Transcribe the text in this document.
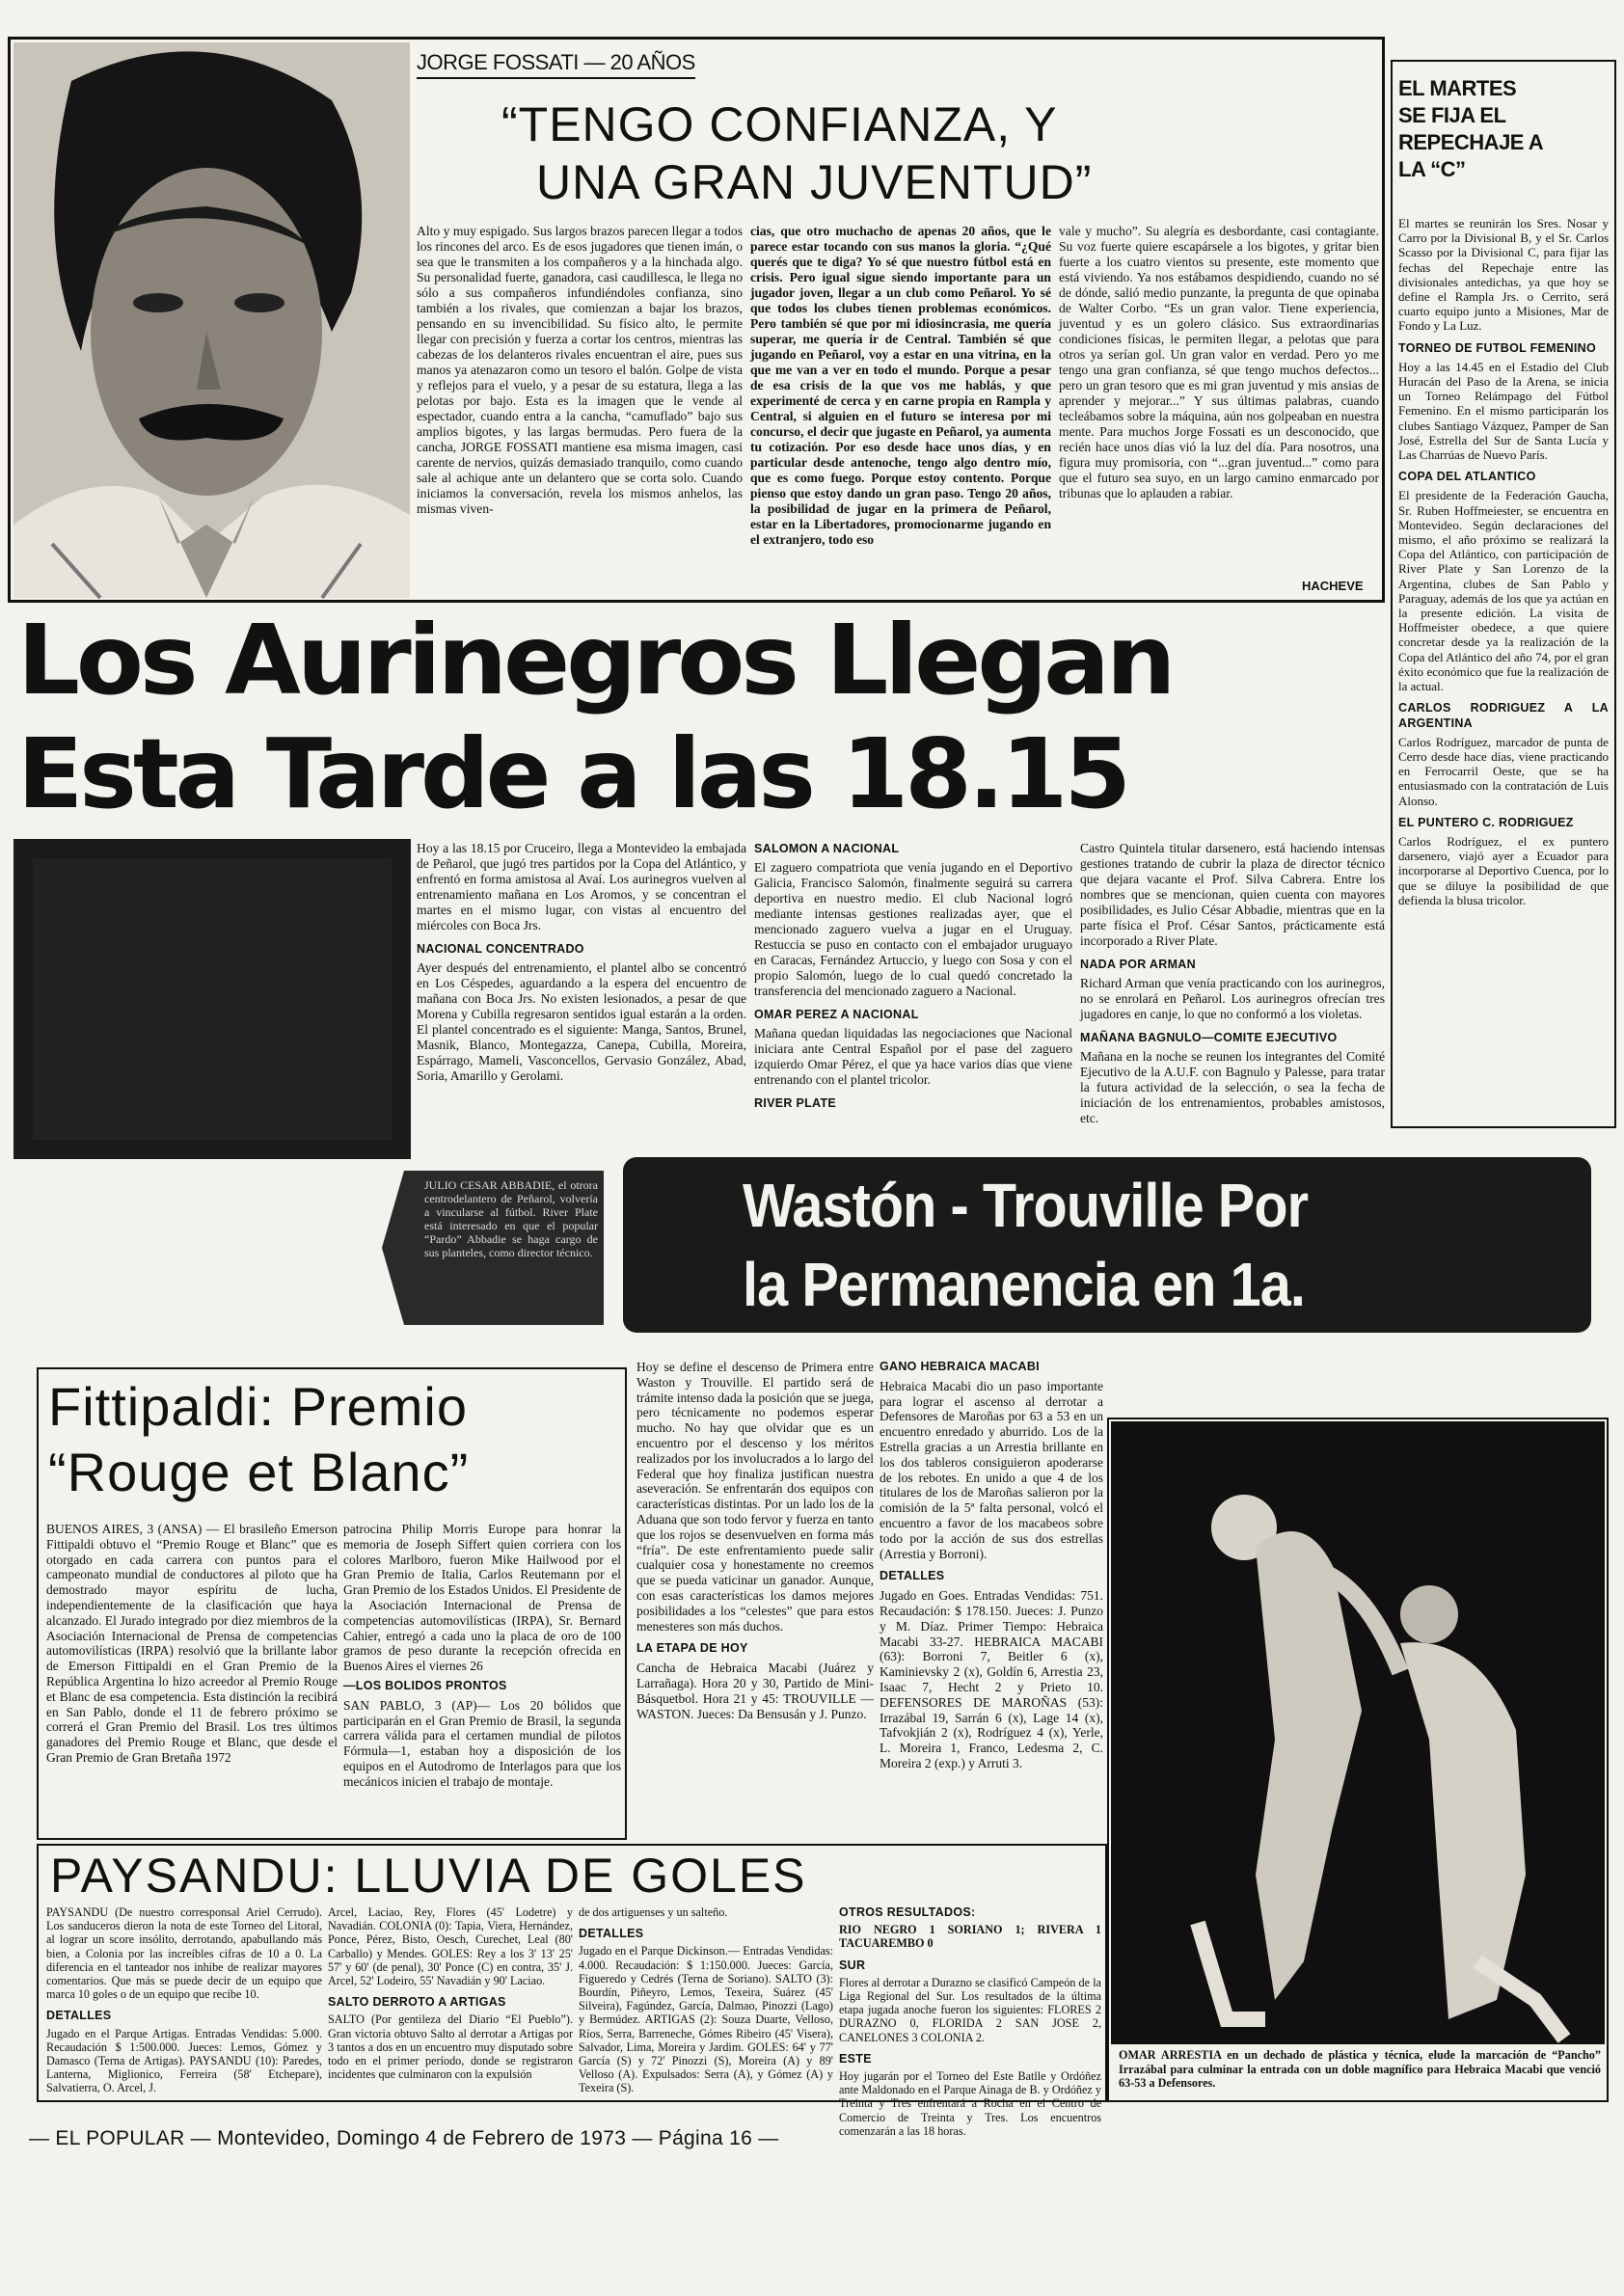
JORGE FOSSATI — 20 AÑOS
“TENGO CONFIANZA, Y
UNA GRAN JUVENTUD”

Alto y muy espigado. Sus largos brazos parecen llegar a todos los rincones del arco. Es de esos jugadores que tienen imán, o sea que le transmiten a los compañeros y a la hinchada algo. Su personalidad fuerte, ganadora, casi caudillesca, le llega no sólo a sus compañeros infundiéndoles confianza, sino también a los rivales, que comienzan a bajar los brazos, pensando en su invencibilidad. Su físico alto, le permite llegar con precisión y fuerza a cortar los centros, mientras las cabezas de los delanteros rivales encuentran el aire, pues sus manos ya atenazaron como un tesoro el balón. Golpe de vista y reflejos para el vuelo, y a pesar de su estatura, llega a las pelotas por bajo. Esta es la imagen que le vende al espectador, cuando entra a la cancha, “camuflado” bajo sus amplios bigotes, y las largas bermudas. Pero fuera de la cancha, JORGE FOSSATI mantiene esa misma imagen, casi carente de nervios, quizás demasiado tranquilo, como cuando sale al achique ante un delantero que se corta solo. Cuando iniciamos la conversación, revela los mismos anhelos, las mismas viven-

cias, que otro muchacho de apenas 20 años, que le parece estar tocando con sus manos la gloria. “¿Qué querés que te diga? Yo sé que nuestro fútbol está en crisis. Pero igual sigue siendo importante para un jugador joven, llegar a un club como Peñarol. Yo sé que todos los clubes tienen problemas económicos. Pero también sé que por mi idiosincrasia, me quería superar, me quería ir de Central. También sé que jugando en Peñarol, voy a estar en una vitrina, en la que me van a ver en todo el mundo. Porque a pesar de esa crisis de la que vos me hablás, y que experimenté de cerca y en carne propia en Rampla y Central, si alguien en el futuro se interesa por mi concurso, el decir que jugaste en Peñarol, ya aumenta tu cotización. Por eso desde hace unos días, y en particular desde antenoche, tengo algo dentro mío, que es como fuego. Porque estoy contento. Porque pienso que estoy dando un gran paso. Tengo 20 años, la posibilidad de jugar en la primera de Peñarol, estar en la Libertadores, promocionarme jugando en el extranjero, todo eso

vale y mucho”. Su alegría es desbordante, casi contagiante. Su voz fuerte quiere escapársele a los bigotes, y gritar bien fuerte a los cuatro vientos su presente, este momento que está viviendo. Ya nos estábamos despidiendo, cuando no sé de dónde, salió medio punzante, la pregunta de que opinaba de Walter Corbo. “Es un gran valor. Tiene experiencia, juventud y es un golero clásico. Sus extraordinarias condiciones físicas, le permiten llegar, a pelotas que para otros ya serían gol. Un gran valor en verdad. Pero yo me tengo una gran confianza, sé que tengo muchos defectos... pero un gran tesoro que es mi gran juventud y mis ansias de aprender y mejorar...” Y sus últimas palabras, cuando tecleábamos sobre la máquina, aún nos golpeaban en nuestra mente. Para muchos Jorge Fossati es un desconocido, que recién hace unos días vió la luz del día. Para nosotros, una figura muy promisoria, con “...gran juventud...” como para que el futuro sea suyo, en un largo camino enmarcado por tribunas que lo aplauden a rabiar.

HACHEVE
EL MARTES SE FIJA EL REPECHAJE A LA “C”

El martes se reunirán los Sres. Nosar y Carro por la Divisional B, y el Sr. Carlos Scasso por la Divisional C, para fijar las fechas del Repechaje entre las divisionales antedichas, ya que hoy se define el Rampla Jrs. o Cerrito, será cuarto equipo junto a Misiones, Mar de Fondo y La Luz.

TORNEO DE FUTBOL FEMENINO

Hoy a las 14.45 en el Estadio del Club Huracán del Paso de la Arena, se inicia un Torneo Relámpago del Fútbol Femenino. En el mismo participarán los clubes Santiago Vázquez, Pamper de San José, Estrella del Sur de Santa Lucía y Las Charrúas de Nuevo París.

COPA DEL ATLANTICO

El presidente de la Federación Gaucha, Sr. Ruben Hoffmeiester, se encuentra en Montevideo. Según declaraciones del mismo, el año próximo se realizará la Copa del Atlántico, con participación de River Plate y San Lorenzo de la Argentina, clubes de San Pablo y Paraguay, además de los que ya actúan en la presente edición. La visita de Hoffmeister obedece, a que quiere concretar desde ya la realización de la Copa del Atlántico del año 74, por el gran éxito económico que fue la realización de la actual.

CARLOS RODRIGUEZ A LA ARGENTINA

Carlos Rodríguez, marcador de punta de Cerro desde hace días, viene practicando en Ferrocarril Oeste, que se ha entusiasmado con la contratación de Luis Alonso.

EL PUNTERO C. RODRIGUEZ

Carlos Rodríguez, el ex puntero darsenero, viajó ayer a Ecuador para incorporarse al Deportivo Cuenca, por lo que se diluye la posibilidad de que defienda la blusa tricolor.

Los Aurinegros Llegan
Esta Tarde a las 18.15

Hoy a las 18.15 por Cruceiro, llega a Montevideo la embajada de Peñarol, que jugó tres partidos por la Copa del Atlántico, y enfrentó en forma amistosa al Avaí. Los aurinegros vuelven al entrenamiento mañana en Los Aromos, y se concentran el martes en el mismo lugar, con vistas al encuentro del miércoles con Boca Jrs.

NACIONAL CONCENTRADO

Ayer después del entrenamiento, el plantel albo se concentró en Los Céspedes, aguardando a la espera del encuentro de mañana con Boca Jrs. No existen lesionados, a pesar de que Morena y Cubilla regresaron sentidos igual estarán a la orden. El plantel concentrado es el siguiente: Manga, Santos, Brunel, Masnik, Blanco, Montegazza, Canepa, Cubilla, Moreira, Espárrago, Mameli, Vasconcellos, Gervasio González, Abad, Soria, Amarillo y Gerolami.

SALOMON A NACIONAL

El zaguero compatriota que venía jugando en el Deportivo Galicia, Francisco Salomón, finalmente seguirá su carrera deportiva en nuestro medio. El club Nacional logró mediante intensas gestiones realizadas ayer, que el mencionado zaguero vuelva a jugar en el Uruguay. Restuccia se puso en contacto con el embajador uruguayo en Caracas, Fernández Artuccio, y luego con Sosa y con el propio Salomón, luego de lo cual quedó concretado la transferencia del mencionado zaguero a Nacional.

OMAR PEREZ A NACIONAL

Mañana quedan liquidadas las negociaciones que Nacional iniciara ante Central Español por el pase del zaguero izquierdo Omar Pérez, el que ya hace varios días que viene entrenando con el plantel tricolor.

RIVER PLATE

Castro Quintela titular darsenero, está haciendo intensas gestiones tratando de cubrir la plaza de director técnico que dejara vacante el Prof. Silva Cabrera. Entre los nombres que se mencionan, quien cuenta con mayores posibilidades, es Julio César Abbadie, mientras que en la parte física el Prof. César Santos, prácticamente está incorporado a River Plate.

NADA POR ARMAN

Richard Arman que venía practicando con los aurinegros, no se enrolará en Peñarol. Los aurinegros ofrecían tres jugadores en canje, lo que no conformó a los violetas.

MAÑANA BAGNULO—COMITE EJECUTIVO

Mañana en la noche se reunen los integrantes del Comité Ejecutivo de la A.U.F. con Bagnulo y Palesse, para tratar la futura actividad de la selección, o sea la fecha de iniciación de los entrenamientos, probables amistosos, etc.

JULIO CESAR ABBADIE, el otrora centrodelantero de Peñarol, volvería a vincularse al fútbol. River Plate está interesado en que el popular “Pardo” Abbadie se haga cargo de sus planteles, como director técnico.

Wastón - Trouville Por
la Permanencia en 1a.
Fittipaldi: Premio
“Rouge et Blanc”

BUENOS AIRES, 3 (ANSA) — El brasileño Emerson Fittipaldi obtuvo el “Premio Rouge et Blanc” que es otorgado en cada carrera con puntos para el campeonato mundial de conductores al piloto que ha demostrado mayor espíritu de lucha, independientemente de la clasificación que haya alcanzado. El Jurado integrado por diez miembros de la Asociación Internacional de Prensa de competencias automovilísticas (IRPA) resolvió que la brillante labor de Emerson Fittipaldi en el Gran Premio de la República Argentina lo hizo acreedor al Premio Rouge et Blanc de esa competencia. Esta distinción la recibirá en San Pablo, donde el 11 de febrero próximo se correrá el Gran Premio del Brasil. Los tres últimos ganadores del Premio Rouge et Blanc, que desde el Gran Premio de Gran Bretaña 1972

patrocina Philip Morris Europe para honrar la memoria de Joseph Siffert quien corriera con los colores Marlboro, fueron Mike Hailwood por el Gran Premio de Italia, Carlos Reutemann por el Gran Premio de los Estados Unidos. El Presidente de la Asociación Internacional de Prensa de competencias automovilísticas (IRPA), Sr. Bernard Cahier, entregó a cada uno la placa de oro de 100 gramos de peso durante la recepción ofrecida en Buenos Aires el viernes 26

—LOS BOLIDOS PRONTOS

SAN PABLO, 3 (AP)— Los 20 bólidos que participarán en el Gran Premio de Brasil, la segunda carrera válida para el certamen mundial de pilotos Fórmula—1, estaban hoy a disposición de los equipos en el Autodromo de Interlagos para que los mecánicos inicien el trabajo de montaje.

Hoy se define el descenso de Primera entre Waston y Trouville. El partido será de trámite intenso dada la posición que se juega, pero técnicamente no podemos esperar mucho. No hay que olvidar que es un encuentro por el descenso y los méritos realizados por los involucrados a lo largo del Federal que hoy finaliza justifican nuestra aseveración. Se enfrentarán dos equipos con características distintas. Por un lado los de la Aduana que son todo fervor y fuerza en tanto que los rojos se desenvuelven en forma más “fría”. De este enfrentamiento puede salir cualquier cosa y honestamente no creemos que se pueda vaticinar un ganador. Aunque, con esas características los damos mejores posibilidades a los “celestes” que para estos menesteres son más duchos.

LA ETAPA DE HOY

Cancha de Hebraica Macabi (Juárez y Larrañaga). Hora 20 y 30, Partido de Mini-Básquetbol. Hora 21 y 45: TROUVILLE — WASTON. Jueces: Da Bensusán y J. Punzo.

GANO HEBRAICA MACABI

Hebraica Macabi dio un paso importante para lograr el ascenso al derrotar a Defensores de Maroñas por 63 a 53 en un encuentro enredado y aburrido. Los de la Estrella gracias a un Arrestia brillante en los dos tableros consiguieron apoderarse de los rebotes. En unido a que 4 de los titulares de los de Maroñas salieron por la comisión de la 5ª falta personal, volcó el encuentro a favor de los macabeos sobre todo por la acción de sus dos estrellas (Arrestia y Borroni).

DETALLES

Jugado en Goes. Entradas Vendidas: 751. Recaudación: $ 178.150. Jueces: J. Punzo y M. Díaz. Primer Tiempo: Hebraica Macabi 33-27. HEBRAICA MACABI (63): Borroni 7, Beitler 6 (x), Kaminievsky 2 (x), Goldín 6, Arrestia 23, Isaac 7, Hecht 2 y Prieto 10. DEFENSORES DE MAROÑAS (53): Irrazábal 19, Sarrán 6 (x), Lage 14 (x), Tafvokjián 2 (x), Rodríguez 4 (x), Yerle, L. Moreira 1, Franco, Ledesma 2, C. Moreira 2 (exp.) y Arruti 3.

OMAR ARRESTIA en un dechado de plástica y técnica, elude la marcación de “Pancho” Irrazábal para culminar la entrada con un doble magnífico para Hebraica Macabi que venció 63-53 a Defensores.

PAYSANDU: LLUVIA DE GOLES

PAYSANDU (De nuestro corresponsal Ariel Cerrudo). Los sanduceros dieron la nota de este Torneo del Litoral, al lograr un score insólito, derrotando, apabullando más bien, a Colonia por las increíbles cifras de 10 a 0. La diferencia en el tanteador nos inhibe de realizar mayores comentarios. Que más se puede decir de un equipo que marca 10 goles o de un equipo que recibe 10.

DETALLES

Jugado en el Parque Artigas. Entradas Vendidas: 5.000. Recaudación $ 1:500.000. Jueces: Lemos, Gómez y Damasco (Terna de Artigas). PAYSANDU (10): Paredes, Lanterna, Miglionico, Ferreira (58' Etchepare), Salvatierra, O. Arcel, J.

Arcel, Laciao, Rey, Flores (45' Lodetre) y Navadián. COLONIA (0): Tapia, Viera, Hernández, Ponce, Pérez, Bisto, Oesch, Curechet, Leal (80' Carballo) y Mendes. GOLES: Rey a los 3' 13' 25' 57' y 60' (de penal), 30' Ponce (C) en contra, 35' J. Arcel, 52' Lodeiro, 55' Navadián y 90' Laciao.

SALTO DERROTO A ARTIGAS

SALTO (Por gentileza del Diario “El Pueblo”). Gran victoria obtuvo Salto al derrotar a Artigas por 3 tantos a dos en un encuentro muy disputado sobre todo en el primer período, donde se registraron incidentes que culminaron con la expulsión

de dos artiguenses y un salteño.

DETALLES

Jugado en el Parque Dickinson.— Entradas Vendidas: 4.000. Recaudación: $ 1:150.000. Jueces: García, Figueredo y Cedrés (Terna de Soriano). SALTO (3): Bourdín, Piñeyro, Lemos, Texeira, Suárez (45' Silveira), Fagúndez, García, Dalmao, Pinozzi (Lago) y Bermúdez. ARTIGAS (2): Souza Duarte, Velloso, Ríos, Serra, Barreneche, Gómes Ribeiro (45' Visera), Salvador, Lima, Moreira y Jardim. GOLES: 64' y 77' García (S) y 72' Pinozzi (S), Moreira (A) y 89' Velloso (A). Expulsados: Serra (A), y Gómez (A) y Texeira (S).

OTROS RESULTADOS:

RIO NEGRO 1 SORIANO 1; RIVERA 1 TACUAREMBO 0

SUR

Flores al derrotar a Durazno se clasificó Campeón de la Liga Regional del Sur. Los resultados de la última etapa jugada anoche fueron los siguientes: FLORES 2 DURAZNO 0, FLORIDA 2 SAN JOSE 2, CANELONES 3 COLONIA 2.

ESTE

Hoy jugarán por el Torneo del Este Batlle y Ordóñez ante Maldonado en el Parque Ainaga de B. y Ordóñez y Treinta y Tres enfrentará a Rocha en el Centro de Comercio de Treinta y Tres. Los encuentros comenzarán a las 18 horas.

— EL POPULAR — Montevideo, Domingo 4 de Febrero de 1973 — Página 16 —
